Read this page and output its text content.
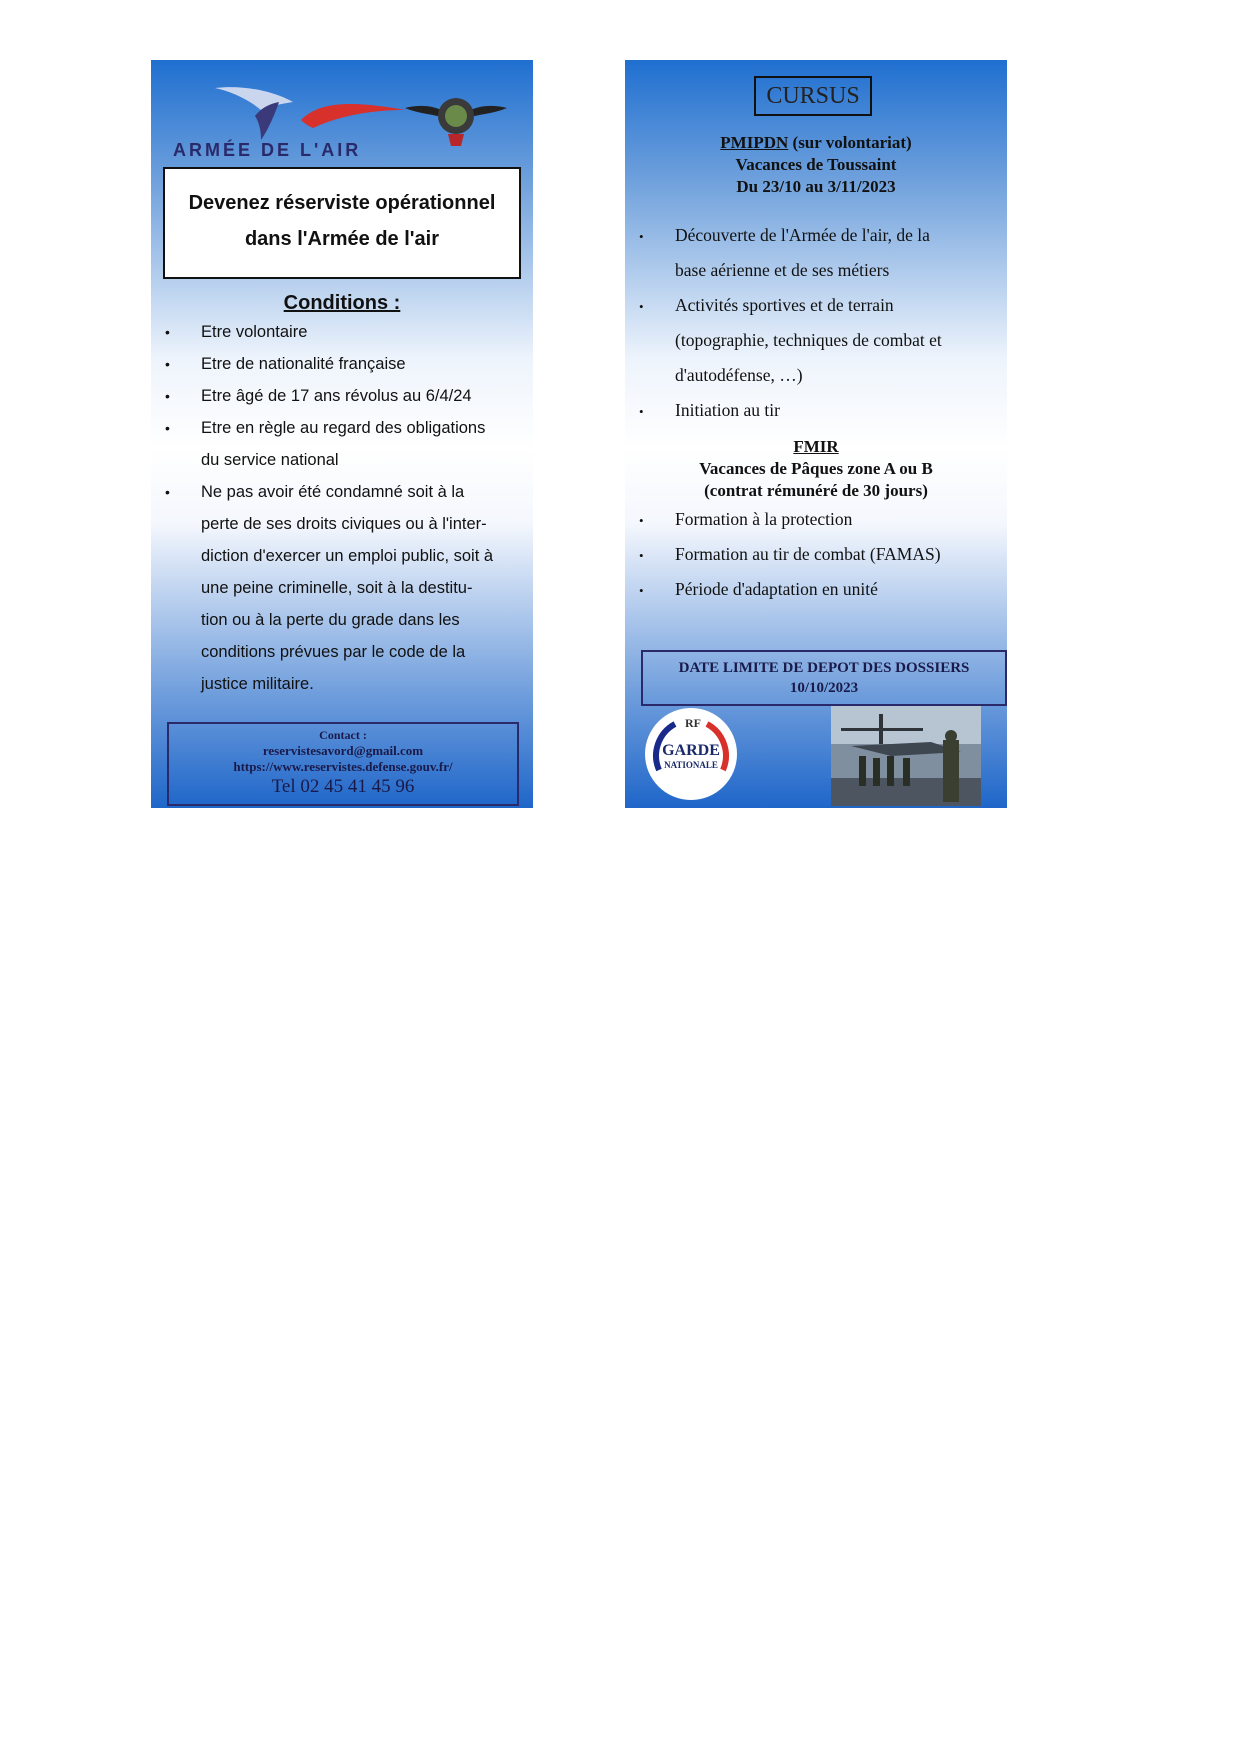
ARMÉE DE L'AIR
Devenez réserviste opérationnel
dans l'Armée de l'air
Conditions :
• Etre volontaire
• Etre de nationalité française
• Etre âgé de 17 ans révolus au 6/4/24
• Etre en règle au regard des obligations
du service national
• Ne pas avoir été condamné soit à la
perte de ses droits civiques ou à l'inter-
diction d'exercer un emploi public, soit à
une peine criminelle, soit à la destitu-
tion ou à la perte du grade dans les
conditions prévues par le code de la
justice militaire.
Contact :
reservistesavord@gmail.com
https://www.reservistes.defense.gouv.fr/
Tel 02 45 41 45 96
CURSUS
PMIPDN (sur volontariat)
Vacances de Toussaint
Du 23/10 au 3/11/2023
• Découverte de l'Armée de l'air, de la
base aérienne et de ses métiers
• Activités sportives et de terrain
(topographie, techniques de combat et
d'autodéfense, …)
• Initiation au tir
FMIR
Vacances de Pâques zone A ou B
(contrat rémunéré de 30 jours)
• Formation à la protection
• Formation au tir de combat (FAMAS)
• Période d'adaptation en unité
DATE LIMITE DE DEPOT DES DOSSIERS
10/10/2023
RF
GARDE
NATIONALE
